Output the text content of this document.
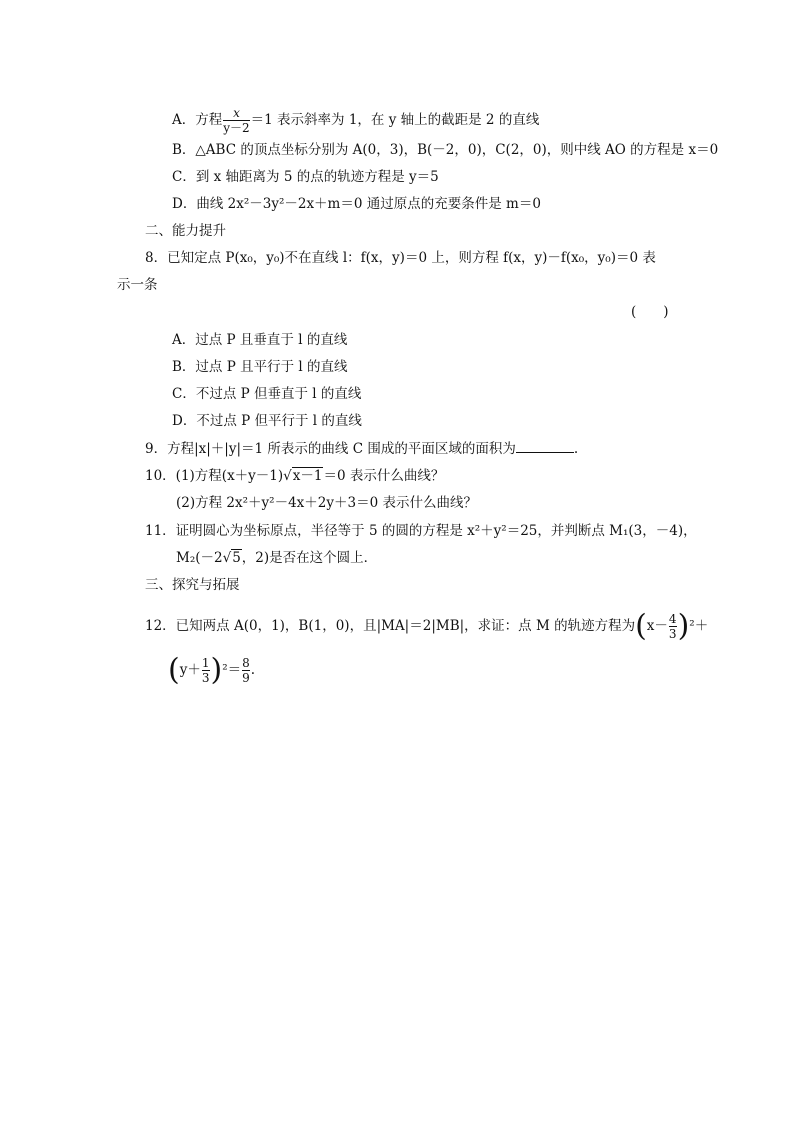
A．方程 $\frac{x}{y-2} =1$ 表示斜率为 1，在 y 轴上的截距是 2 的直线
B．△ABC 的顶点坐标分别为 A(0，3)，B(－2，0)，C(2，0)，则中线 AO 的方程是 x＝0
C．到 x 轴距离为 5 的点的轨迹方程是 y＝5
D．曲线 2x²－3y²－2x＋m＝0 通过原点的充要条件是 m＝0
二、能力提升
8．已知定点 P(x₀，y₀)不在直线 l：f(x，y)＝0 上，则方程 f(x，y)－f(x₀，y₀)＝0 表
示一条
(　　)
A．过点 P 且垂直于 l 的直线
B．过点 P 且平行于 l 的直线
C．不过点 P 但垂直于 l 的直线
D．不过点 P 但平行于 l 的直线
9．方程|x|＋|y|＝1 所表示的曲线 C 围成的平面区域的面积为	.
10．(1)方程(x＋y－1)√x－1＝0 表示什么曲线？
(2)方程 2x²＋y²－4x＋2y＋3＝0 表示什么曲线？
11．证明圆心为坐标原点，半径等于 5 的圆的方程是 x²＋y²＝25，并判断点 M₁(3，－4)，
M₂(－2√5，2)是否在这个圆上．
三、探究与拓展
12．已知两点 A(0，1)，B(1，0)，且|MA|＝2|MB|，求证：点 M 的轨迹方程为$(x- \frac{4}{3} )^2+$
$(y+ \frac{1}{3} )^2= \frac{8}{9}$ .
